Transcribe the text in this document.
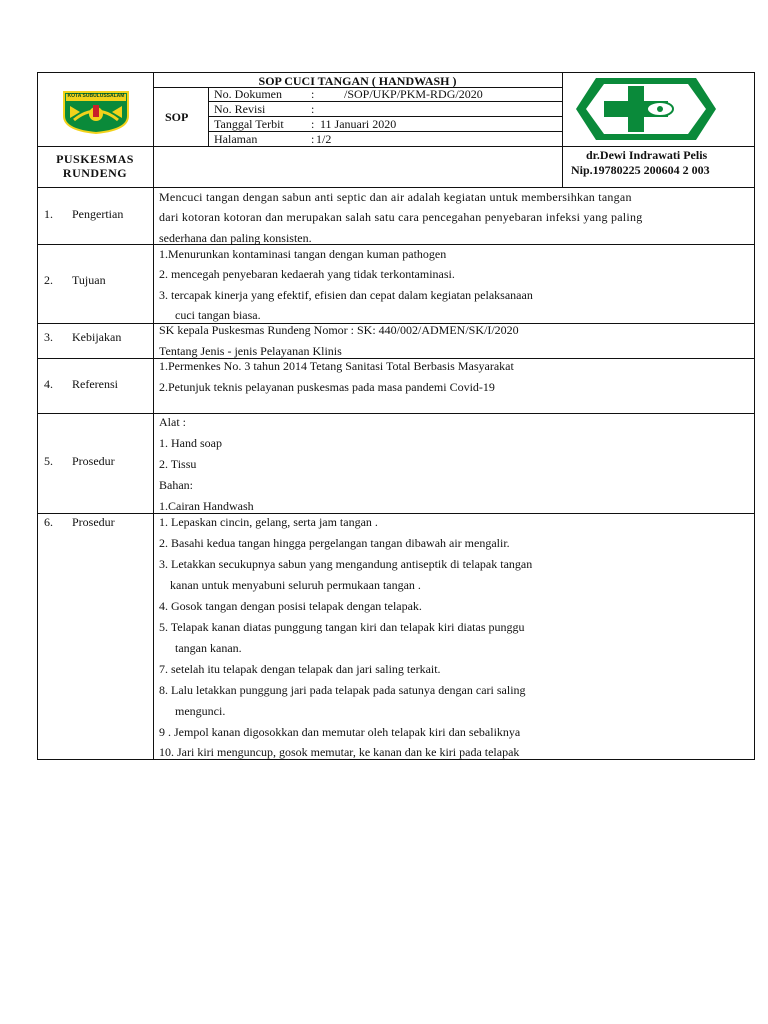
KOTA SUBULUSSALAM
SOP CUCI TANGAN ( HANDWASH )
SOP
No. Dokumen : /SOP/UKP/PKM-RDG/2020
No. Revisi	:
Tanggal Terbit : 11 Januari 2020
Halaman	: 1/2
PUSKESMAS
RUNDENG
dr.Dewi Indrawati Pelis
Nip.19780225 200604 2 003
1. Pengertian
Mencuci tangan dengan sabun anti septic dan air adalah kegiatan untuk membersihkan tangan
dari kotoran kotoran dan merupakan salah satu cara pencegahan penyebaran infeksi yang paling
sederhana dan paling konsisten.
2. Tujuan
1.Menurunkan kontaminasi tangan dengan kuman pathogen
2. mencegah penyebaran kedaerah yang tidak terkontaminasi.
3. tercapak kinerja yang efektif, efisien dan cepat dalam kegiatan pelaksanaan
cuci tangan biasa.
3. Kebijakan	SK kepala Puskesmas Rundeng Nomor : SK: 440/002/ADMEN/SK/I/2020
Tentang Jenis - jenis Pelayanan Klinis
4. Referensi
1.Permenkes No. 3 tahun 2014 Tetang Sanitasi Total Berbasis Masyarakat
2.Petunjuk teknis pelayanan puskesmas pada masa pandemi Covid-19
5. Prosedur
Alat :
1. Hand soap
2. Tissu
Bahan:
1.Cairan Handwash
6. Prosedur	1. Lepaskan cincin, gelang, serta jam tangan .
2. Basahi kedua tangan hingga pergelangan tangan dibawah air mengalir.
3. Letakkan secukupnya sabun yang mengandung antiseptik di telapak tangan
kanan untuk menyabuni seluruh permukaan tangan .
4. Gosok tangan dengan posisi telapak dengan telapak.
5. Telapak kanan diatas punggung tangan kiri dan telapak kiri diatas punggu
tangan kanan.
7. setelah itu telapak dengan telapak dan jari saling terkait.
8. Lalu letakkan punggung jari pada telapak pada satunya dengan cari saling
mengunci.
9 . Jempol kanan digosokkan dan memutar oleh telapak kiri dan sebaliknya
10. Jari kiri menguncup, gosok memutar, ke kanan dan ke kiri pada telapak
